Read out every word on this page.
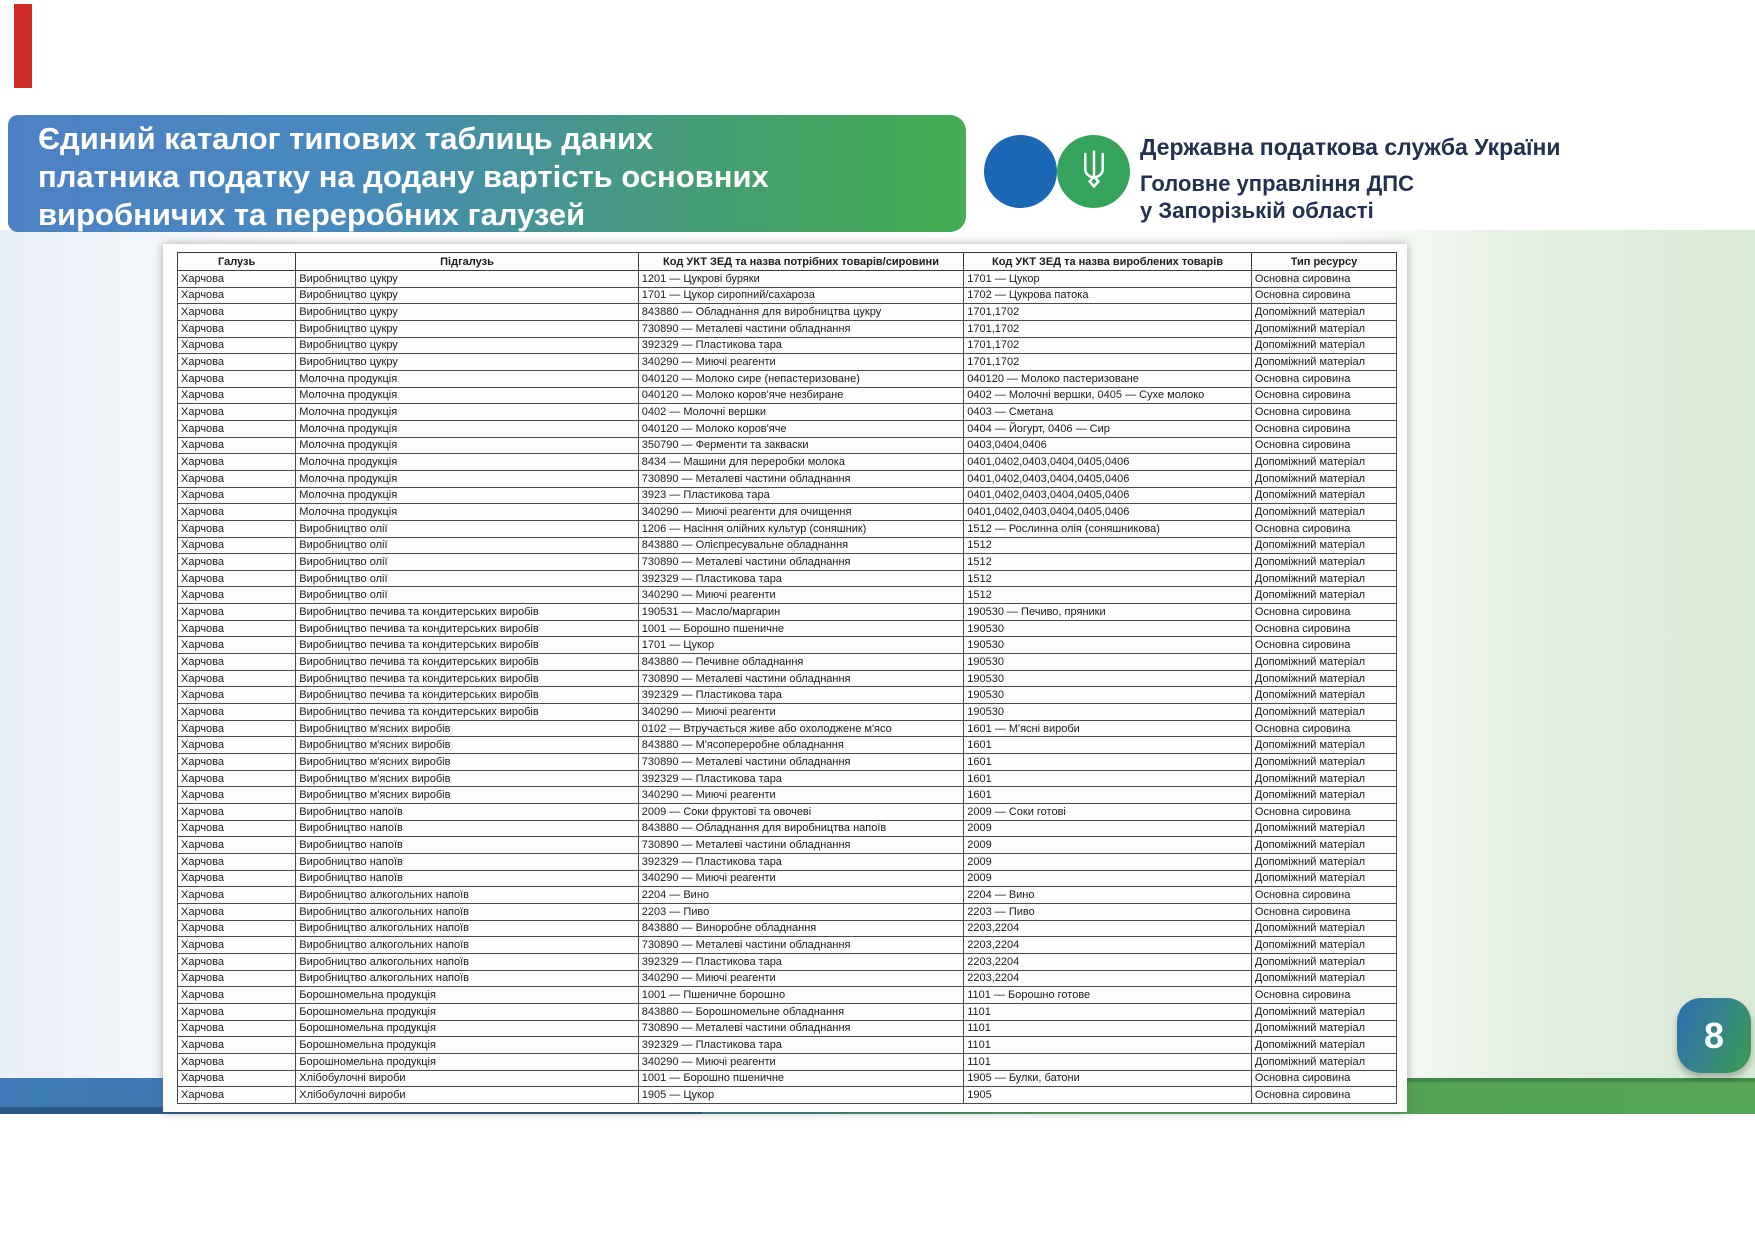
Єдиний каталог типових таблиць даних
платника податку на додану вартість основних
виробничих та переробних галузей
Державна податкова служба України
Головне управління ДПС
у Запорізькій області
Галузь	Підгалузь	Код УКТ ЗЕД та назва потрібних товарів/сировини	Код УКТ ЗЕД та назва вироблених товарів	Тип ресурсу
Харчова	Виробництво цукру	1201 — Цукрові буряки	1701 — Цукор	Основна сировина
Харчова	Виробництво цукру	1701 — Цукор сиропний/сахароза	1702 — Цукрова патока	Основна сировина
Харчова	Виробництво цукру	843880 — Обладнання для виробництва цукру	1701,1702	Допоміжний матеріал
Харчова	Виробництво цукру	730890 — Металеві частини обладнання	1701,1702	Допоміжний матеріал
Харчова	Виробництво цукру	392329 — Пластикова тара	1701,1702	Допоміжний матеріал
Харчова	Виробництво цукру	340290 — Миючі реагенти	1701,1702	Допоміжний матеріал
Харчова	Молочна продукція	040120 — Молоко сире (непастеризоване)	040120 — Молоко пастеризоване	Основна сировина
Харчова	Молочна продукція	040120 — Молоко коров'яче незбиране	0402 — Молочні вершки, 0405 — Сухе молоко	Основна сировина
Харчова	Молочна продукція	0402 — Молочні вершки	0403 — Сметана	Основна сировина
Харчова	Молочна продукція	040120 — Молоко коров'яче	0404 — Йогурт, 0406 — Сир	Основна сировина
Харчова	Молочна продукція	350790 — Ферменти та закваски	0403,0404,0406	Основна сировина
Харчова	Молочна продукція	8434 — Машини для переробки молока	0401,0402,0403,0404,0405,0406	Допоміжний матеріал
Харчова	Молочна продукція	730890 — Металеві частини обладнання	0401,0402,0403,0404,0405,0406	Допоміжний матеріал
Харчова	Молочна продукція	3923 — Пластикова тара	0401,0402,0403,0404,0405,0406	Допоміжний матеріал
Харчова	Молочна продукція	340290 — Миючі реагенти для очищення	0401,0402,0403,0404,0405,0406	Допоміжний матеріал
Харчова	Виробництво олії	1206 — Насіння олійних культур (соняшник)	1512 — Рослинна олія (соняшникова)	Основна сировина
Харчова	Виробництво олії	843880 — Олієпресувальне обладнання	1512	Допоміжний матеріал
Харчова	Виробництво олії	730890 — Металеві частини обладнання	1512	Допоміжний матеріал
Харчова	Виробництво олії	392329 — Пластикова тара	1512	Допоміжний матеріал
Харчова	Виробництво олії	340290 — Миючі реагенти	1512	Допоміжний матеріал
Харчова	Виробництво печива та кондитерських виробів	190531 — Масло/маргарин	190530 — Печиво, пряники	Основна сировина
Харчова	Виробництво печива та кондитерських виробів	1001 — Борошно пшеничне	190530	Основна сировина
Харчова	Виробництво печива та кондитерських виробів	1701 — Цукор	190530	Основна сировина
Харчова	Виробництво печива та кондитерських виробів	843880 — Печивне обладнання	190530	Допоміжний матеріал
Харчова	Виробництво печива та кондитерських виробів	730890 — Металеві частини обладнання	190530	Допоміжний матеріал
Харчова	Виробництво печива та кондитерських виробів	392329 — Пластикова тара	190530	Допоміжний матеріал
Харчова	Виробництво печива та кондитерських виробів	340290 — Миючі реагенти	190530	Допоміжний матеріал
Харчова	Виробництво м'ясних виробів	0102 — Втручається живе або охолоджене м'ясо	1601 — М'ясні вироби	Основна сировина
Харчова	Виробництво м'ясних виробів	843880 — М'ясопереробне обладнання	1601	Допоміжний матеріал
Харчова	Виробництво м'ясних виробів	730890 — Металеві частини обладнання	1601	Допоміжний матеріал
Харчова	Виробництво м'ясних виробів	392329 — Пластикова тара	1601	Допоміжний матеріал
Харчова	Виробництво м'ясних виробів	340290 — Миючі реагенти	1601	Допоміжний матеріал
Харчова	Виробництво напоїв	2009 — Соки фруктові та овочеві	2009 — Соки готові	Основна сировина
Харчова	Виробництво напоїв	843880 — Обладнання для виробництва напоїв	2009	Допоміжний матеріал
Харчова	Виробництво напоїв	730890 — Металеві частини обладнання	2009	Допоміжний матеріал
Харчова	Виробництво напоїв	392329 — Пластикова тара	2009	Допоміжний матеріал
Харчова	Виробництво напоїв	340290 — Миючі реагенти	2009	Допоміжний матеріал
Харчова	Виробництво алкогольних напоїв	2204 — Вино	2204 — Вино	Основна сировина
Харчова	Виробництво алкогольних напоїв	2203 — Пиво	2203 — Пиво	Основна сировина
Харчова	Виробництво алкогольних напоїв	843880 — Виноробне обладнання	2203,2204	Допоміжний матеріал
Харчова	Виробництво алкогольних напоїв	730890 — Металеві частини обладнання	2203,2204	Допоміжний матеріал
Харчова	Виробництво алкогольних напоїв	392329 — Пластикова тара	2203,2204	Допоміжний матеріал
Харчова	Виробництво алкогольних напоїв	340290 — Миючі реагенти	2203,2204	Допоміжний матеріал
Харчова	Борошномельна продукція	1001 — Пшеничне борошно	1101 — Борошно готове	Основна сировина
Харчова	Борошномельна продукція	843880 — Борошномельне обладнання	1101	Допоміжний матеріал
Харчова	Борошномельна продукція	730890 — Металеві частини обладнання	1101	Допоміжний матеріал
Харчова	Борошномельна продукція	392329 — Пластикова тара	1101	Допоміжний матеріал
Харчова	Борошномельна продукція	340290 — Миючі реагенти	1101	Допоміжний матеріал
Харчова	Хлібобулочні вироби	1001 — Борошно пшеничне	1905 — Булки, батони	Основна сировина
Харчова	Хлібобулочні вироби	1905 — Цукор	1905	Основна сировина
8
